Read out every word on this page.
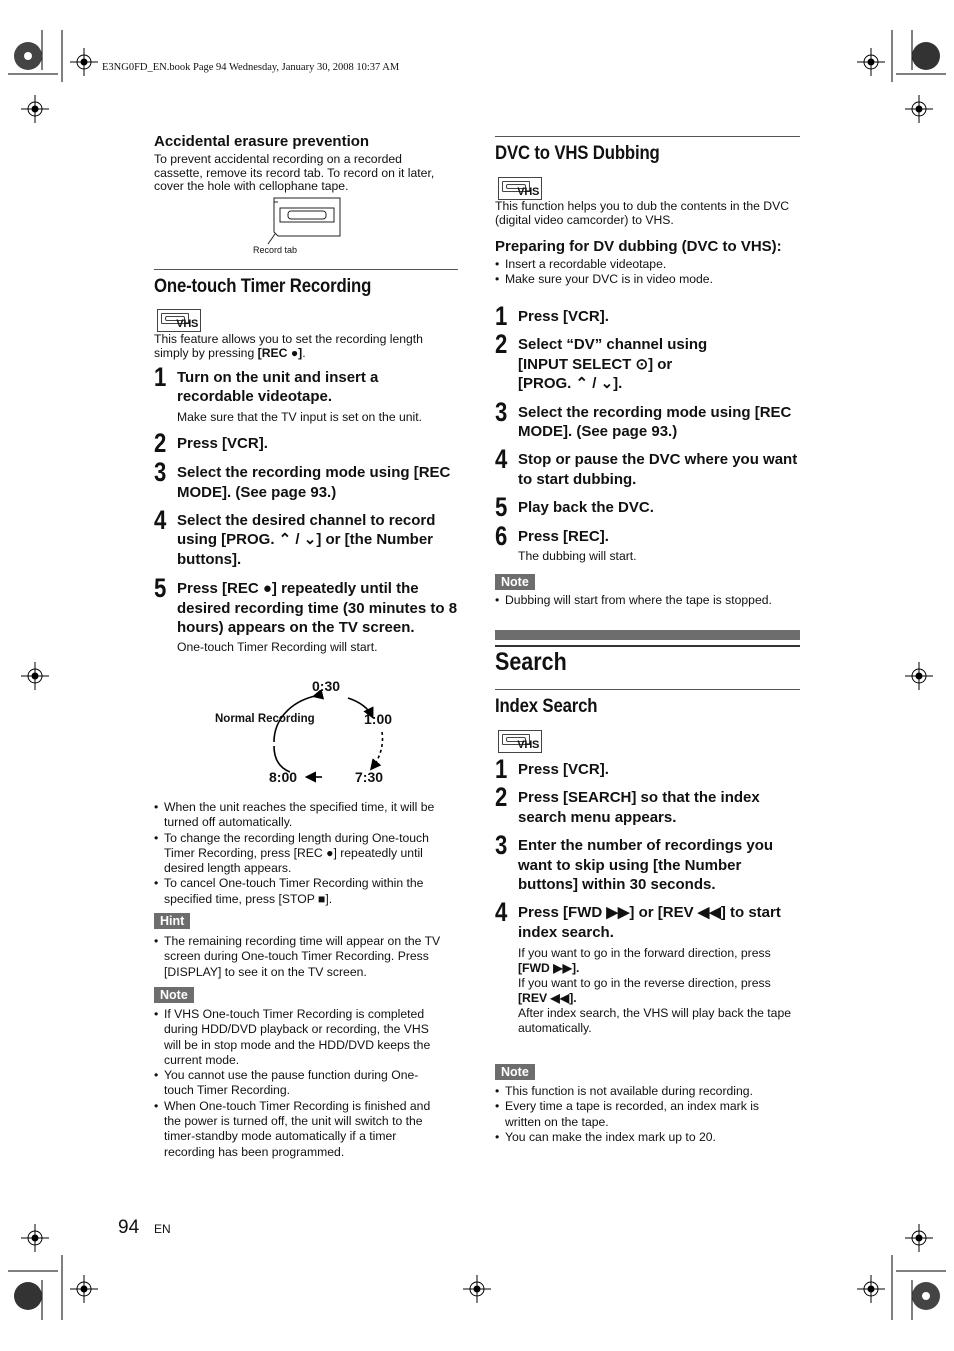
E3NG0FD_EN.book Page 94 Wednesday, January 30, 2008 10:37 AM
Accidental erasure prevention
To prevent accidental recording on a recorded cassette, remove its record tab. To record on it later, cover the hole with cellophane tape.
Record tab
One-touch Timer Recording
VHS
This feature allows you to set the recording length simply by pressing [REC ●].
1 Turn on the unit and insert a recordable videotape.
Make sure that the TV input is set on the unit.
2 Press [VCR].
3 Select the recording mode using [REC MODE]. (See page 93.)
4 Select the desired channel to record using [PROG. ⌃ / ⌄] or [the Number buttons].
5 Press [REC ●] repeatedly until the desired recording time (30 minutes to 8 hours) appears on the TV screen.
One-touch Timer Recording will start.
0:30
Normal Recording	1:00
8:00	7:30
• When the unit reaches the specified time, it will be turned off automatically.
• To change the recording length during One-touch Timer Recording, press [REC ●] repeatedly until desired length appears.
• To cancel One-touch Timer Recording within the specified time, press [STOP ■].
Hint
• The remaining recording time will appear on the TV screen during One-touch Timer Recording. Press [DISPLAY] to see it on the TV screen.
Note
• If VHS One-touch Timer Recording is completed during HDD/DVD playback or recording, the VHS will be in stop mode and the HDD/DVD keeps the current mode.
• You cannot use the pause function during One-touch Timer Recording.
• When One-touch Timer Recording is finished and the power is turned off, the unit will switch to the timer-standby mode automatically if a timer recording has been programmed.
DVC to VHS Dubbing
VHS
This function helps you to dub the contents in the DVC (digital video camcorder) to VHS.
Preparing for DV dubbing (DVC to VHS):
• Insert a recordable videotape.
• Make sure your DVC is in video mode.
1 Press [VCR].
2 Select “DV” channel using [INPUT SELECT ⊙] or [PROG. ⌃ / ⌄].
3 Select the recording mode using [REC MODE]. (See page 93.)
4 Stop or pause the DVC where you want to start dubbing.
5 Play back the DVC.
6 Press [REC].
The dubbing will start.
Note
• Dubbing will start from where the tape is stopped.
Search
Index Search
VHS
1 Press [VCR].
2 Press [SEARCH] so that the index search menu appears.
3 Enter the number of recordings you want to skip using [the Number buttons] within 30 seconds.
4 Press [FWD ▶▶] or [REV ◀◀] to start index search.
If you want to go in the forward direction, press
[FWD ▶▶].
If you want to go in the reverse direction, press
[REV ◀◀].
After index search, the VHS will play back the tape automatically.
Note
• This function is not available during recording.
• Every time a tape is recorded, an index mark is written on the tape.
• You can make the index mark up to 20.
94 EN
